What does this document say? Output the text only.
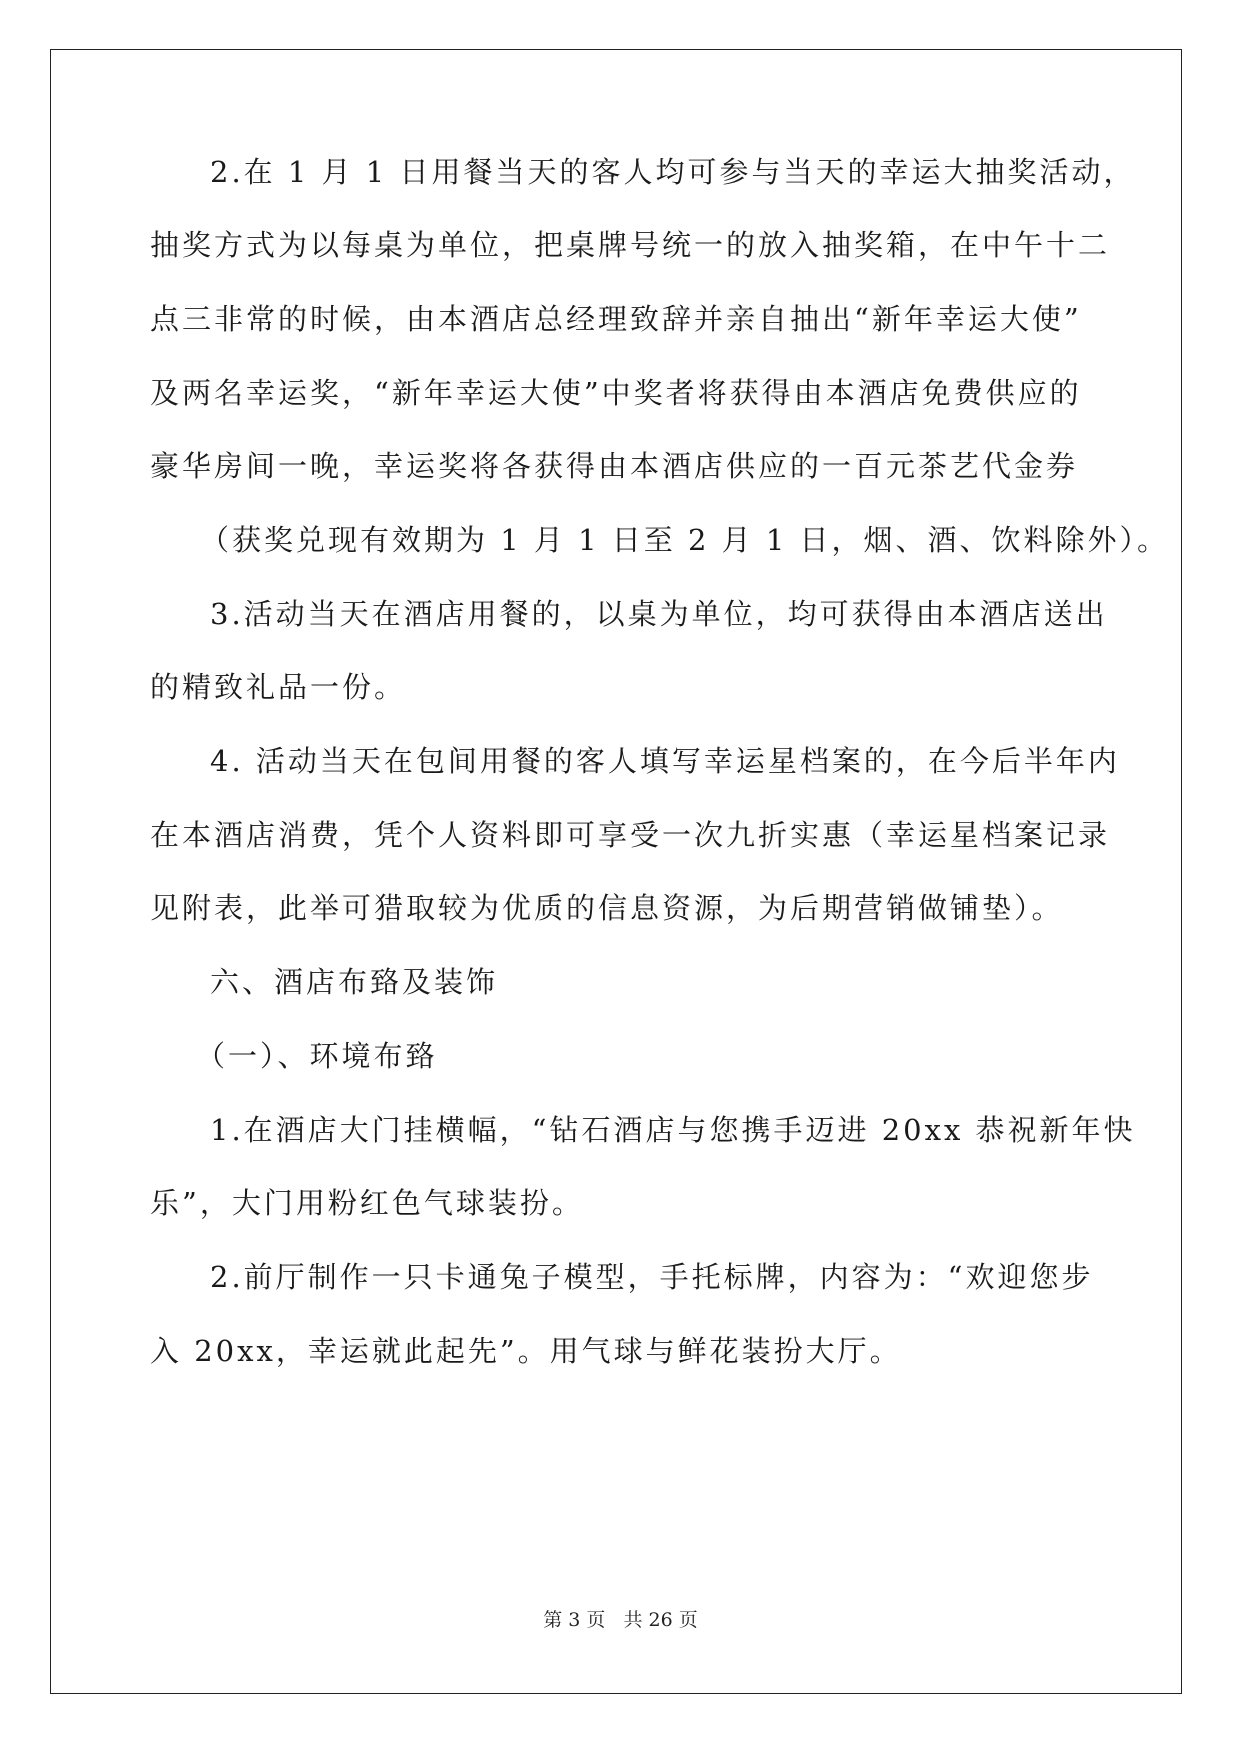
2.在 1 月 1 日用餐当天的客人均可参与当天的幸运大抽奖活动，
抽奖方式为以每桌为单位，把桌牌号统一的放入抽奖箱，在中午十二
点三非常的时候，由本酒店总经理致辞并亲自抽出“新年幸运大使”
及两名幸运奖，“新年幸运大使”中奖者将获得由本酒店免费供应的
豪华房间一晚，幸运奖将各获得由本酒店供应的一百元茶艺代金券
（获奖兑现有效期为 1 月 1 日至 2 月 1 日，烟、酒、饮料除外）。
3.活动当天在酒店用餐的，以桌为单位，均可获得由本酒店送出
的精致礼品一份。
4. 活动当天在包间用餐的客人填写幸运星档案的，在今后半年内
在本酒店消费，凭个人资料即可享受一次九折实惠（幸运星档案记录
见附表，此举可猎取较为优质的信息资源，为后期营销做铺垫）。
六、酒店布臵及装饰
（一）、环境布臵
1.在酒店大门挂横幅，“钻石酒店与您携手迈进 20xx 恭祝新年快
乐”，大门用粉红色气球装扮。
2.前厅制作一只卡通兔子模型，手托标牌，内容为：“欢迎您步
入 20xx，幸运就此起先”。用气球与鲜花装扮大厅。
第 3 页 共 26 页
